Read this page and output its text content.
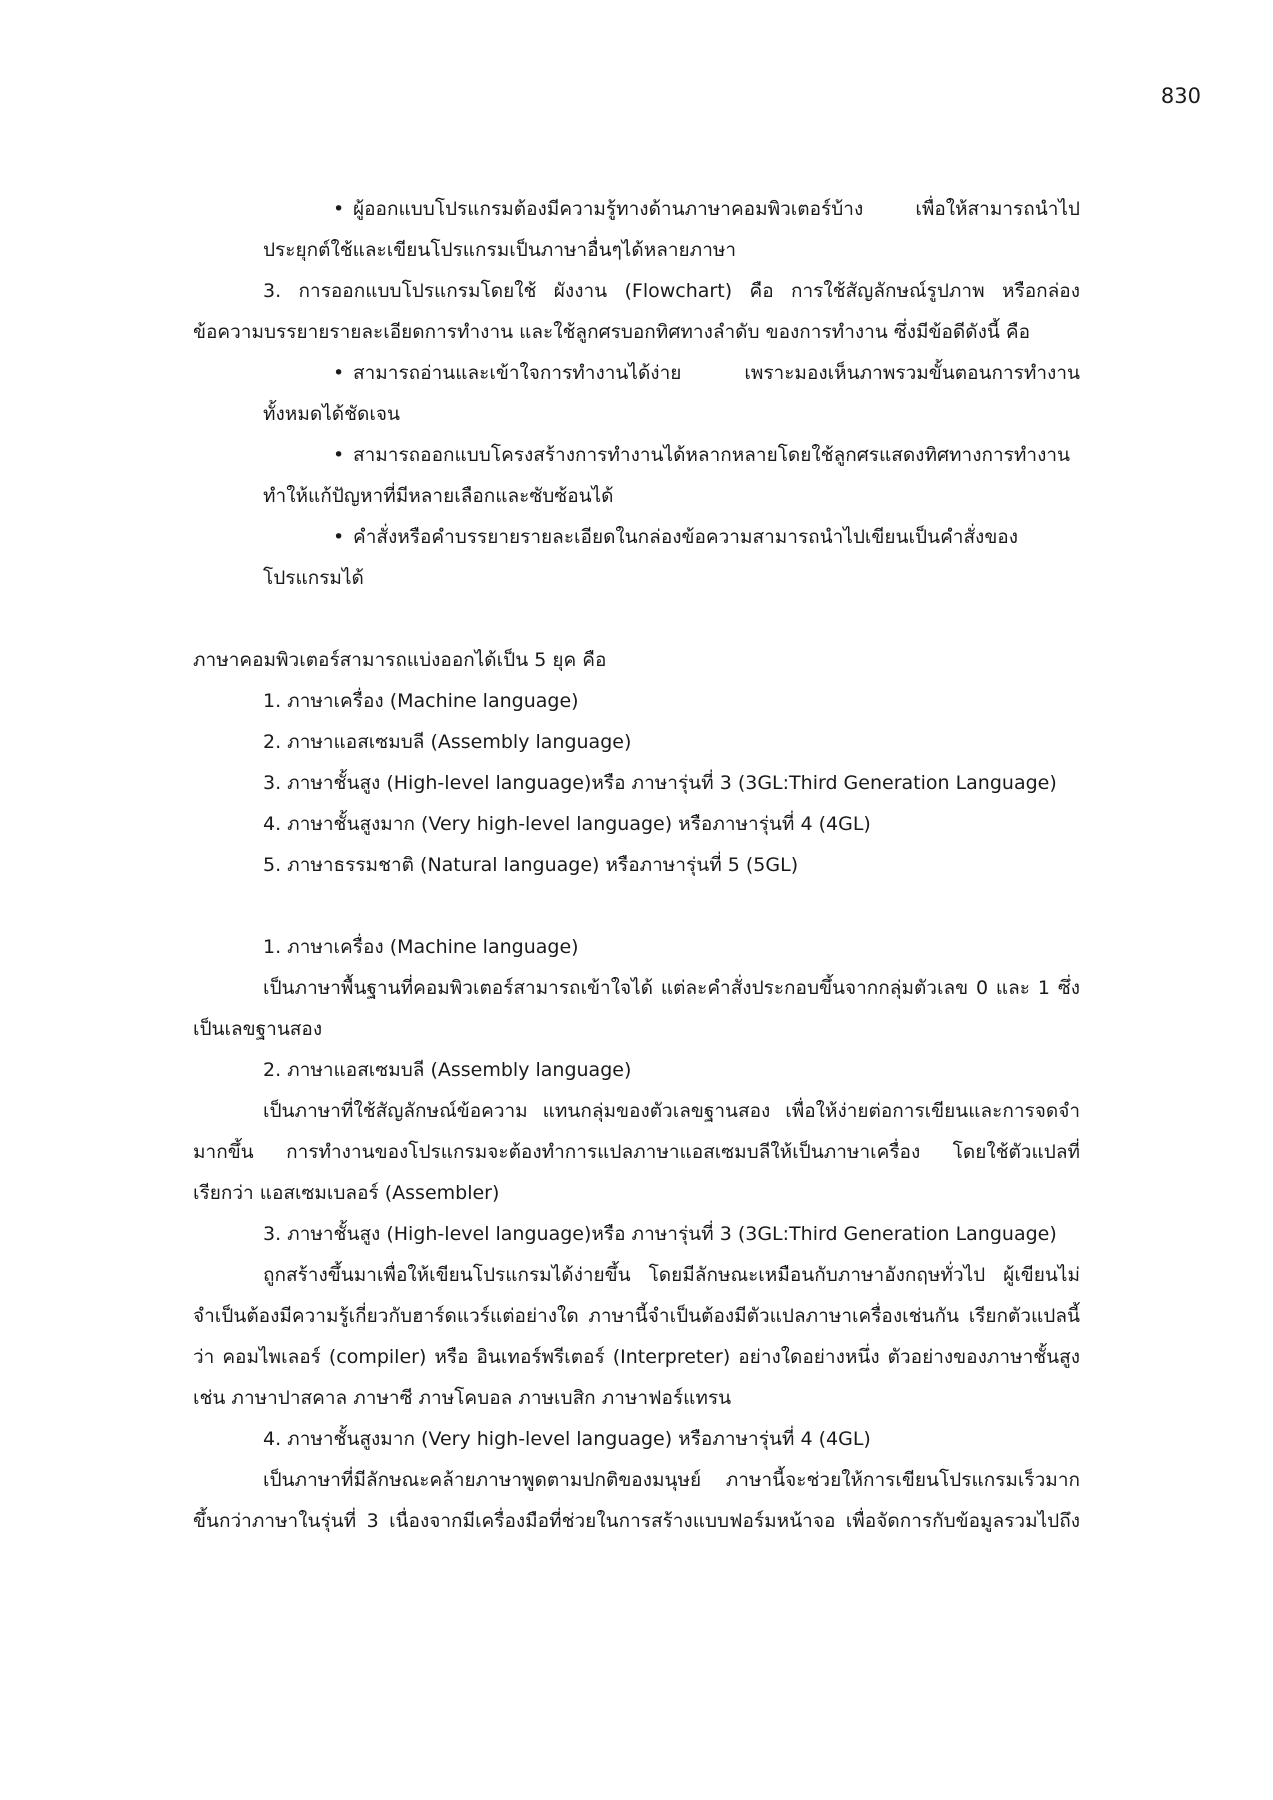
830
• ผู้ออกแบบโปรแกรมต้องมีความรู้ทางด้านภาษาคอมพิวเตอร์บ้าง เพื่อให้สามารถนำไป
ประยุกต์ใช้และเขียนโปรแกรมเป็นภาษาอื่นๆได้หลายภาษา
3. การออกแบบโปรแกรมโดยใช้ ผังงาน (Flowchart) คือ การใช้สัญลักษณ์รูปภาพ หรือกล่อง
ข้อความบรรยายรายละเอียดการทำงาน และใช้ลูกศรบอกทิศทางลำดับ ของการทำงาน ซึ่งมีข้อดีดังนี้ คือ
• สามารถอ่านและเข้าใจการทำงานได้ง่าย เพราะมองเห็นภาพรวมขั้นตอนการทำงาน
ทั้งหมดได้ชัดเจน
• สามารถออกแบบโครงสร้างการทำงานได้หลากหลายโดยใช้ลูกศรแสดงทิศทางการทำงาน
ทำให้แก้ปัญหาที่มีหลายเลือกและซับซ้อนได้
• คำสั่งหรือคำบรรยายรายละเอียดในกล่องข้อความสามารถนำไปเขียนเป็นคำสั่งของ
โปรแกรมได้
ภาษาคอมพิวเตอร์สามารถแบ่งออกได้เป็น 5 ยุค คือ
1. ภาษาเครื่อง (Machine language)
2. ภาษาแอสเซมบลี (Assembly language)
3. ภาษาชั้นสูง (High-level language)หรือ ภาษารุ่นที่ 3 (3GL:Third Generation Language)
4. ภาษาชั้นสูงมาก (Very high-level language) หรือภาษารุ่นที่ 4 (4GL)
5. ภาษาธรรมชาติ (Natural language) หรือภาษารุ่นที่ 5 (5GL)
1. ภาษาเครื่อง (Machine language)
เป็นภาษาพื้นฐานที่คอมพิวเตอร์สามารถเข้าใจได้ แต่ละคำสั่งประกอบขึ้นจากกลุ่มตัวเลข 0 และ 1 ซึ่ง
เป็นเลขฐานสอง
2. ภาษาแอสเซมบลี (Assembly language)
เป็นภาษาที่ใช้สัญลักษณ์ข้อความ แทนกลุ่มของตัวเลขฐานสอง เพื่อให้ง่ายต่อการเขียนและการจดจำ
มากขึ้น การทำงานของโปรแกรมจะต้องทำการแปลภาษาแอสเซมบลีให้เป็นภาษาเครื่อง โดยใช้ตัวแปลที่
เรียกว่า แอสเซมเบลอร์ (Assembler)
3. ภาษาชั้นสูง (High-level language)หรือ ภาษารุ่นที่ 3 (3GL:Third Generation Language)
ถูกสร้างขึ้นมาเพื่อให้เขียนโปรแกรมได้ง่ายขึ้น โดยมีลักษณะเหมือนกับภาษาอังกฤษทั่วไป ผู้เขียนไม่
จำเป็นต้องมีความรู้เกี่ยวกับฮาร์ดแวร์แต่อย่างใด ภาษานี้จำเป็นต้องมีตัวแปลภาษาเครื่องเช่นกัน เรียกตัวแปลนี้
ว่า คอมไพเลอร์ (compiler) หรือ อินเทอร์พรีเตอร์ (Interpreter) อย่างใดอย่างหนึ่ง ตัวอย่างของภาษาชั้นสูง
เช่น ภาษาปาสคาล ภาษาซี ภาษโคบอล ภาษเบสิก ภาษาฟอร์แทรน
4. ภาษาชั้นสูงมาก (Very high-level language) หรือภาษารุ่นที่ 4 (4GL)
เป็นภาษาที่มีลักษณะคล้ายภาษาพูดตามปกติของมนุษย์ ภาษานี้จะช่วยให้การเขียนโปรแกรมเร็วมาก
ขึ้นกว่าภาษาในรุ่นที่ 3 เนื่องจากมีเครื่องมือที่ช่วยในการสร้างแบบฟอร์มหน้าจอ เพื่อจัดการกับข้อมูลรวมไปถึง
